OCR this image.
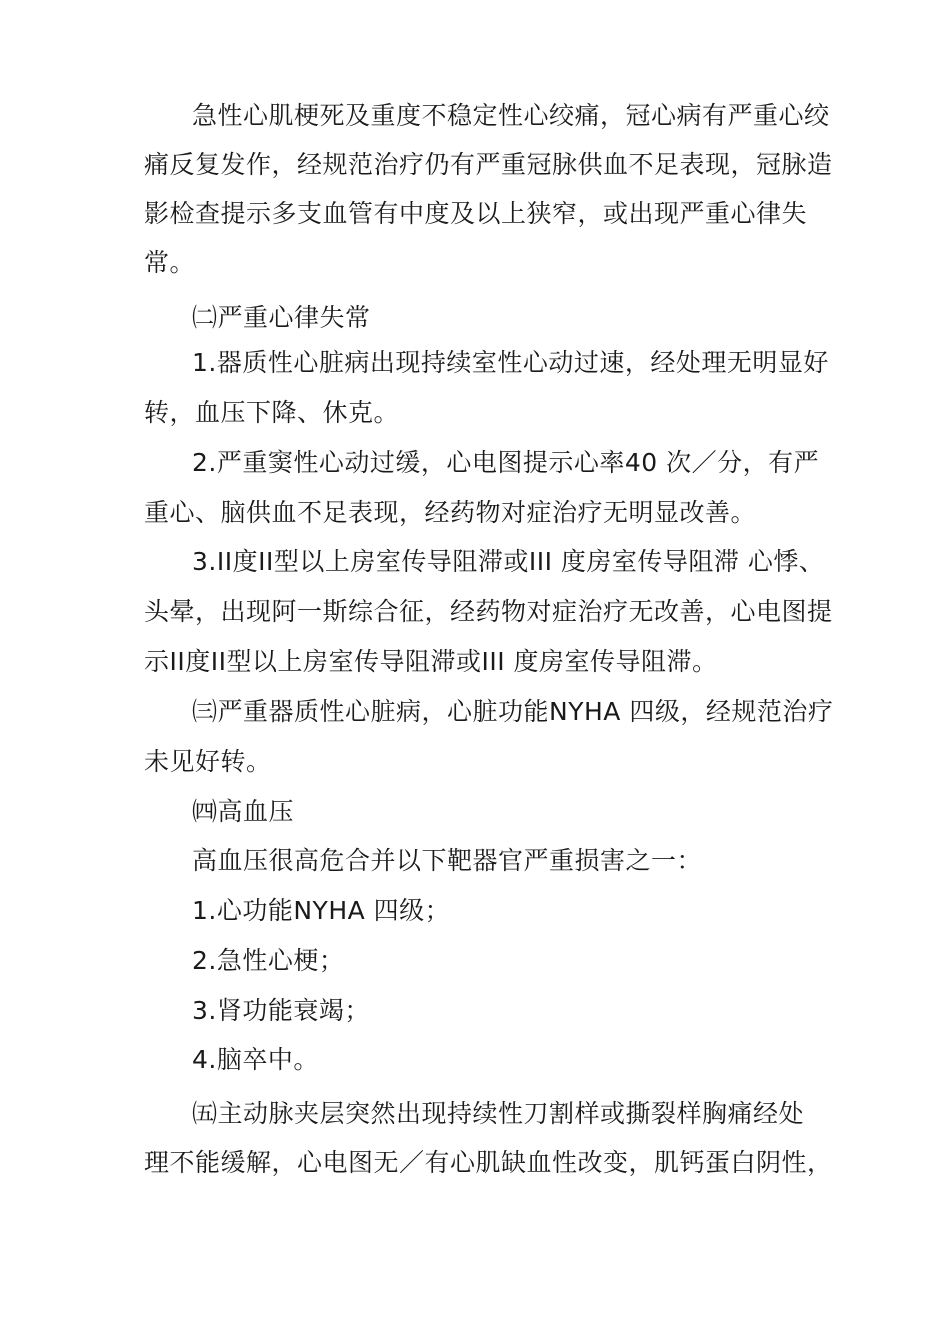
急性心肌梗死及重度不稳定性心绞痛，冠心病有严重心绞
痛反复发作，经规范治疗仍有严重冠脉供血不足表现，冠脉造
影检查提示多支血管有中度及以上狭窄，或出现严重心律失
常。
㈡严重心律失常
1.器质性心脏病出现持续室性心动过速，经处理无明显好
转，血压下降、休克。
2.严重窦性心动过缓，心电图提示心率40 次／分，有严
重心、脑供血不足表现，经药物对症治疗无明显改善。
3.II度II型以上房室传导阻滞或III 度房室传导阻滞 心悸、
头晕，出现阿一斯综合征，经药物对症治疗无改善，心电图提
示II度II型以上房室传导阻滞或III 度房室传导阻滞。
㈢严重器质性心脏病，心脏功能NYHA 四级，经规范治疗
未见好转。
㈣高血压
高血压很高危合并以下靶器官严重损害之一：
1.心功能NYHA 四级；
2.急性心梗；
3.肾功能衰竭；
4.脑卒中。
㈤主动脉夹层突然出现持续性刀割样或撕裂样胸痛经处
理不能缓解，心电图无／有心肌缺血性改变，肌钙蛋白阴性，
